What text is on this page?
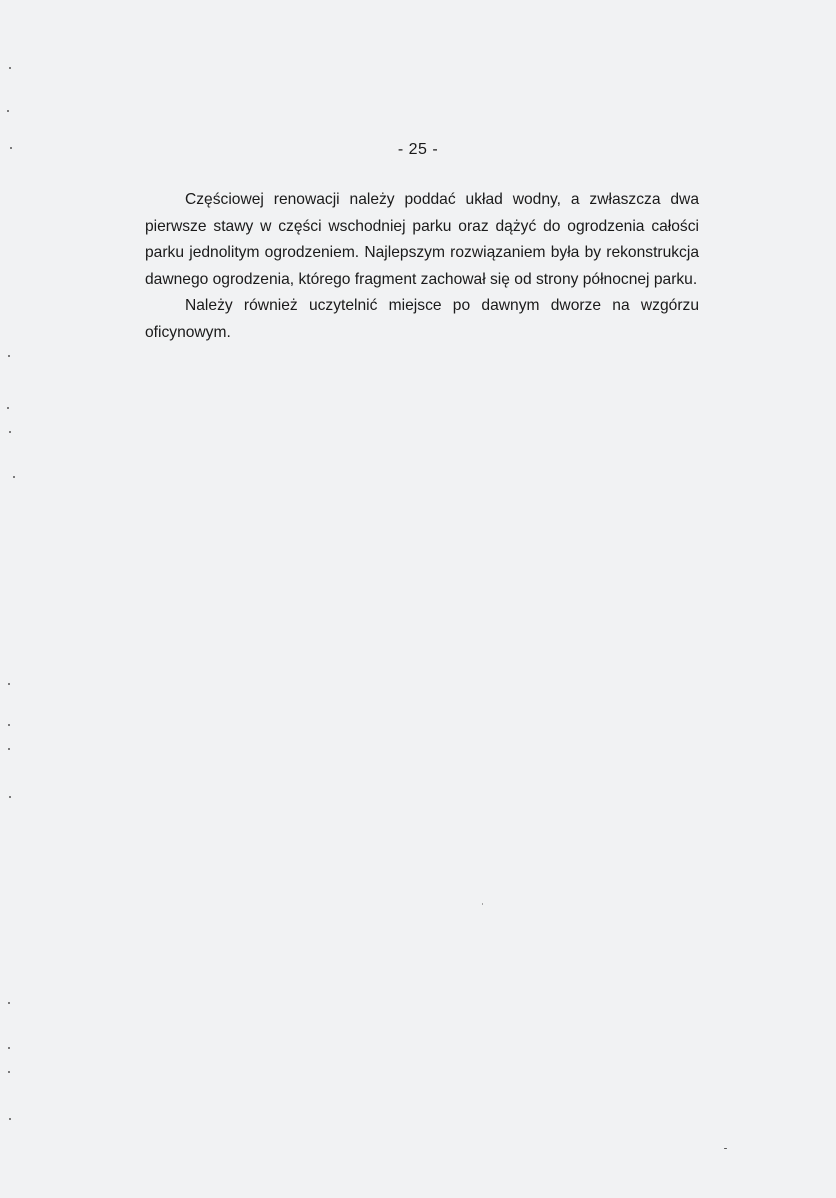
- 25 -

Częściowej renowacji należy poddać układ wodny, a zwłaszcza dwa pierwsze stawy w części wschodniej parku oraz dążyć do ogrodzenia całości parku jednolitym ogrodzeniem. Najlepszym rozwiązaniem była by rekonstrukcja dawnego ogrodzenia, którego fragment zachował się od strony północnej parku.

Należy również uczytelnić miejsce po dawnym dworze na wzgórzu oficynowym.
